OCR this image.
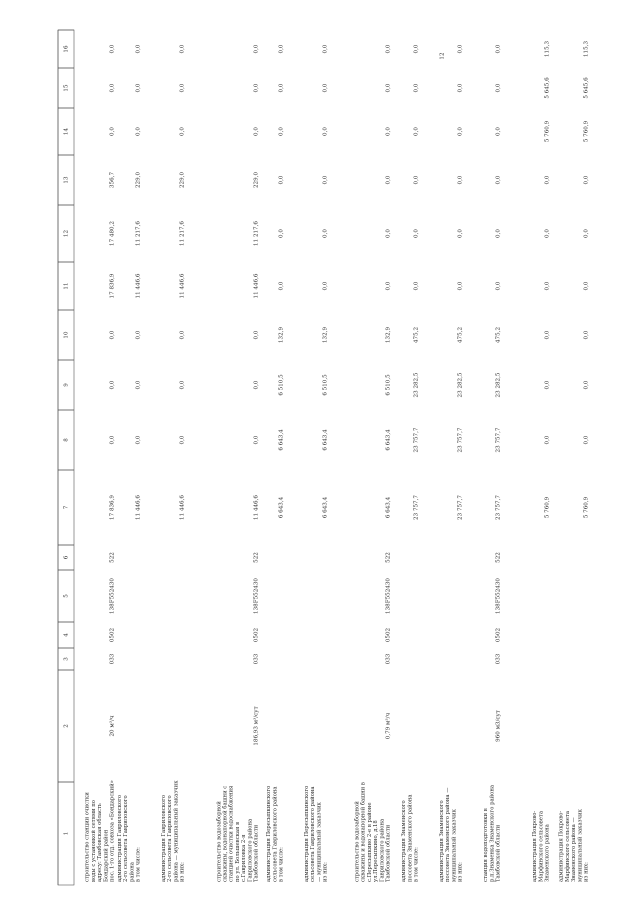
1
2
3
4
5
6
7
8
9
10
11
12
13
14
15
16
12
строительство станции очистки воды с установкой сетями по адресу: Тамбовская область Бондарский район пос. 1-го отд. совхоза «Бондарский»
20 м³/ч
033
0502
138F552430
522
17 836,9
0,0
0,0
0,0
17 836,9
17 480,2
356,7
0,0
0,0
0,0
администрация Гавриловского 2-го сельсовета Гавриловского района в том числе:
11 446,6
0,0
0,0
0,0
11 446,6
11 217,6
229,0
0,0
0,0
0,0
администрация Гавриловского 2-го сельсовета Гавриловского района — муниципальный заказчик из них:
11 446,6
0,0
0,0
0,0
11 446,6
11 217,6
229,0
0,0
0,0
0,0
строительство водозаборной скважины, водонапорной башни с станцией очистки водоснабжения по ул. Большевская в с.Гавриловка 2-я Гавриловского района Тамбовской области
186,93 м³/сут
033
0502
138F552430
522
11 446,6
0,0
0,0
0,0
11 446,6
11 217,6
229,0
0,0
0,0
0,0
администрация Пересыпкинского сельсовета Гавриловского района в том числе:
6 643,4
6 643,4
6 510,5
132,9
0,0
0,0
0,0
0,0
0,0
0,0
администрация Пересыпкинского сельсовета Гавриловского района — муниципальный заказчик из них:
6 643,4
6 643,4
6 510,5
132,9
0,0
0,0
0,0
0,0
0,0
0,0
строительство водозаборной скважины и водонапорной башни в с.Пересыпкино 2-е в районе ул.Пересыпкино, д.18 Гавриловского района Тамбовской области
0,79 м³/ч
033
0502
138F552430
522
6 643,4
6 643,4
6 510,5
132,9
0,0
0,0
0,0
0,0
0,0
0,0
администрация Знаменского поссовета Знаменского района в том числе:
23 757,7
23 757,7
23 282,5
475,2
0,0
0,0
0,0
0,0
0,0
0,0
администрация Знаменского поссовета Знаменского района — муниципальный заказчик из них:
23 757,7
23 757,7
23 282,5
475,2
0,0
0,0
0,0
0,0
0,0
0,0
станция водоподготовки в р.п.Знаменка Знаменского района Тамбовской области
960 м3/сут
033
0502
138F552430
522
23 757,7
23 757,7
23 282,5
475,2
0,0
0,0
0,0
0,0
0,0
0,0
администрация Покрово- Марфинского сельсовета Знаменского района
5 760,9
0,0
0,0
0,0
0,0
0,0
0,0
5 760,9
5 645,6
115,3
администрация Покрово- Марфинского сельсовета Знаменского района — муниципальный заказчик из них:
5 760,9
0,0
0,0
0,0
0,0
0,0
0,0
5 760,9
5 645,6
115,3
